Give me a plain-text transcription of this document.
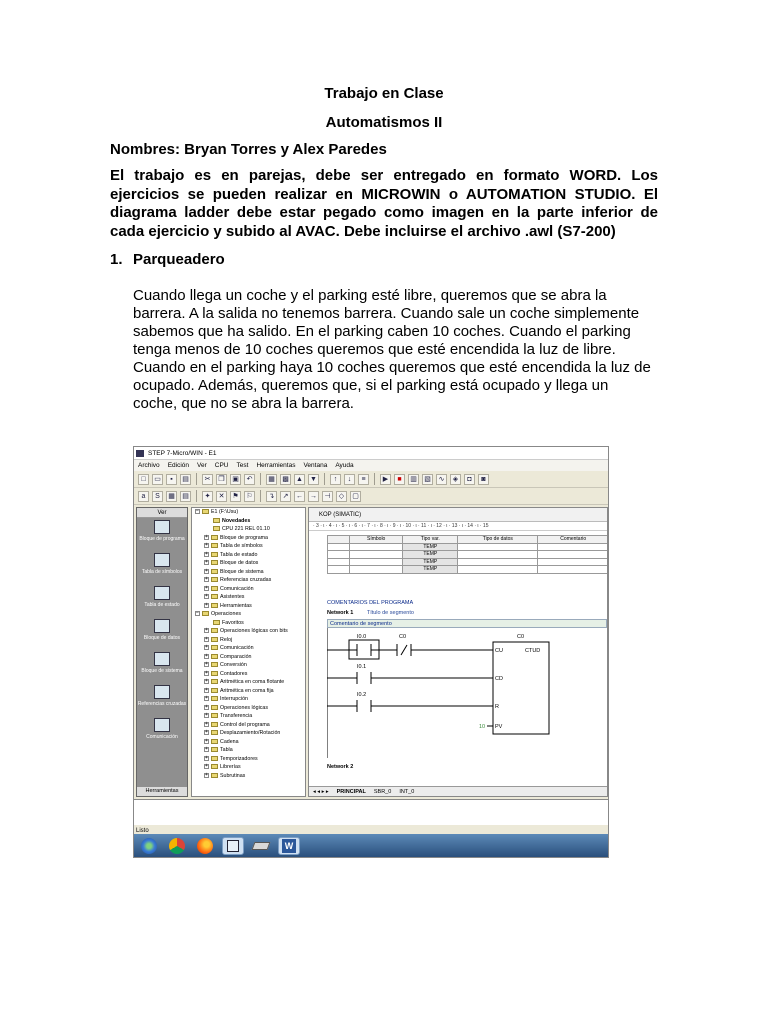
Trabajo en Clase
Automatismos II
Nombres: Bryan Torres y Alex Paredes
El trabajo es en parejas, debe ser entregado en formato WORD. Los ejercicios se pueden realizar en MICROWIN o AUTOMATION STUDIO. El diagrama ladder debe estar pegado como imagen en la parte inferior de cada ejercicio y subido al AVAC. Debe incluirse el archivo .awl (S7-200)
1. Parqueadero
Cuando llega un coche y el parking esté libre, queremos que se abra la barrera. A la salida no tenemos barrera. Cuando sale un coche simplemente sabemos que ha salido. En el parking caben 10 coches. Cuando el parking tenga menos de 10 coches queremos que esté encendida la luz de libre. Cuando en el parking haya 10 coches queremos que esté encendida la luz de ocupado. Además, queremos que, si el parking está ocupado y llega un coche, que no se abra la barrera.
STEP 7-Micro/WIN - E1
Archivo Edición Ver CPU Test Herramientas Ventana Ayuda
□	▭	▪	▤	✂	❐	▣	↶	▦	▩	▲ ▼	↑	↓	≡	▶	■	▥	▧	∿	◈	◘	◙
a	S	▦	▤	✦	✕	⚑	⚐	↴	↗	← →	⊣	◇	▢
Ver
Bloque de programa
Tabla de símbolos
Tabla de estado
Bloque de datos
Bloque de sistema
Referencias cruzadas
Comunicación
Herramientas
− E1 (F:\Usu)
Novedades
CPU 221 REL 01.10
+ Bloque de programa
+ Tabla de símbolos
+ Tabla de estado
+ Bloque de datos
+ Bloque de sistema
+ Referencias cruzadas
+ Comunicación
+ Asistentes
+ Herramientas
− Operaciones
Favoritos
+ Operaciones lógicas con bits
+ Reloj
+ Comunicación
+ Comparación
+ Conversión
+ Contadores
+ Aritmética en coma flotante
+ Aritmética en coma fija
+ Interrupción
+ Operaciones lógicas
+ Transferencia
+ Control del programa
+ Desplazamiento/Rotación
+ Cadena
+ Tabla
+ Temporizadores
+ Librerías
+ Subrutinas
KOP (SIMATIC)
· 3 · ι · 4 · ι · 5 · ι · 6 · ι · 7 · ι · 8 · ι · 9 · ι · 10 · ι · 11 · ι · 12 · ι · 13 · ι · 14 · ι · 15
	Símbolo	Tipo var.	Tipo de datos	Comentario
		TEMP		
		TEMP		
		TEMP		
		TEMP		
COMENTARIOS DEL PROGRAMA
Network 1 Título de segmento
Comentario de segmento
I0.0	C0
I0.1
I0.2
C0
CTUD
CU
CD
R
PV
10
Network 2
◂ ◂ ▸ ▸ PRINCIPAL SBR_0 INT_0
Listo
W
